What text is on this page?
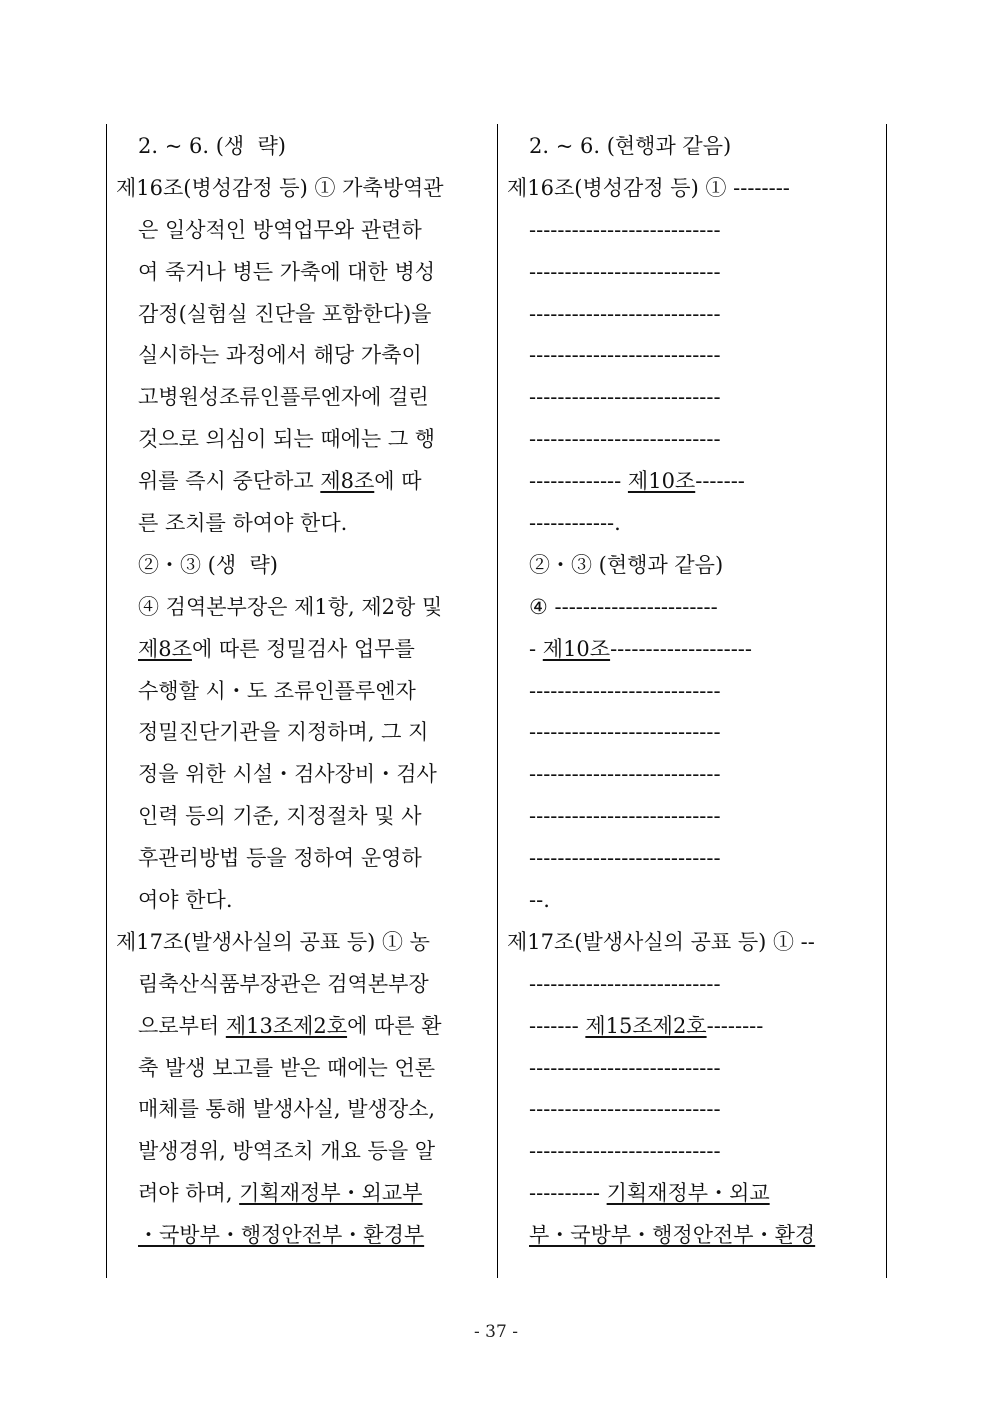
2. ~ 6. (생  략)
제16조(병성감정 등) ① 가축방역관
은 일상적인 방역업무와 관련하
여 죽거나 병든 가축에 대한 병성
감정(실험실 진단을 포함한다)을
실시하는 과정에서 해당 가축이
고병원성조류인플루엔자에 걸린
것으로 의심이 되는 때에는 그 행
위를 즉시 중단하고 제8조에 따
른 조치를 하여야 한다.
②・③ (생  략)
④ 검역본부장은 제1항, 제2항 및
제8조에 따른 정밀검사 업무를
수행할 시・도 조류인플루엔자
정밀진단기관을 지정하며, 그 지
정을 위한 시설・검사장비・검사
인력 등의 기준, 지정절차 및 사
후관리방법 등을 정하여 운영하
여야 한다.
제17조(발생사실의 공표 등) ① 농
림축산식품부장관은 검역본부장
으로부터 제13조제2호에 따른 환
축 발생 보고를 받은 때에는 언론
매체를 통해 발생사실, 발생장소,
발생경위, 방역조치 개요 등을 알
려야 하며, 기획재정부・외교부
・국방부・행정안전부・환경부
2. ~ 6. (현행과 같음)
제16조(병성감정 등) ① --------
---------------------------
---------------------------
---------------------------
---------------------------
---------------------------
---------------------------
------------- 제10조-------
------------.
②・③ (현행과 같음)
④ -----------------------
- 제10조--------------------
---------------------------
---------------------------
---------------------------
---------------------------
---------------------------
--.
제17조(발생사실의 공표 등) ① --
---------------------------
------- 제15조제2호--------
---------------------------
---------------------------
---------------------------
---------- 기획재정부・외교
부・국방부・행정안전부・환경
- 37 -
